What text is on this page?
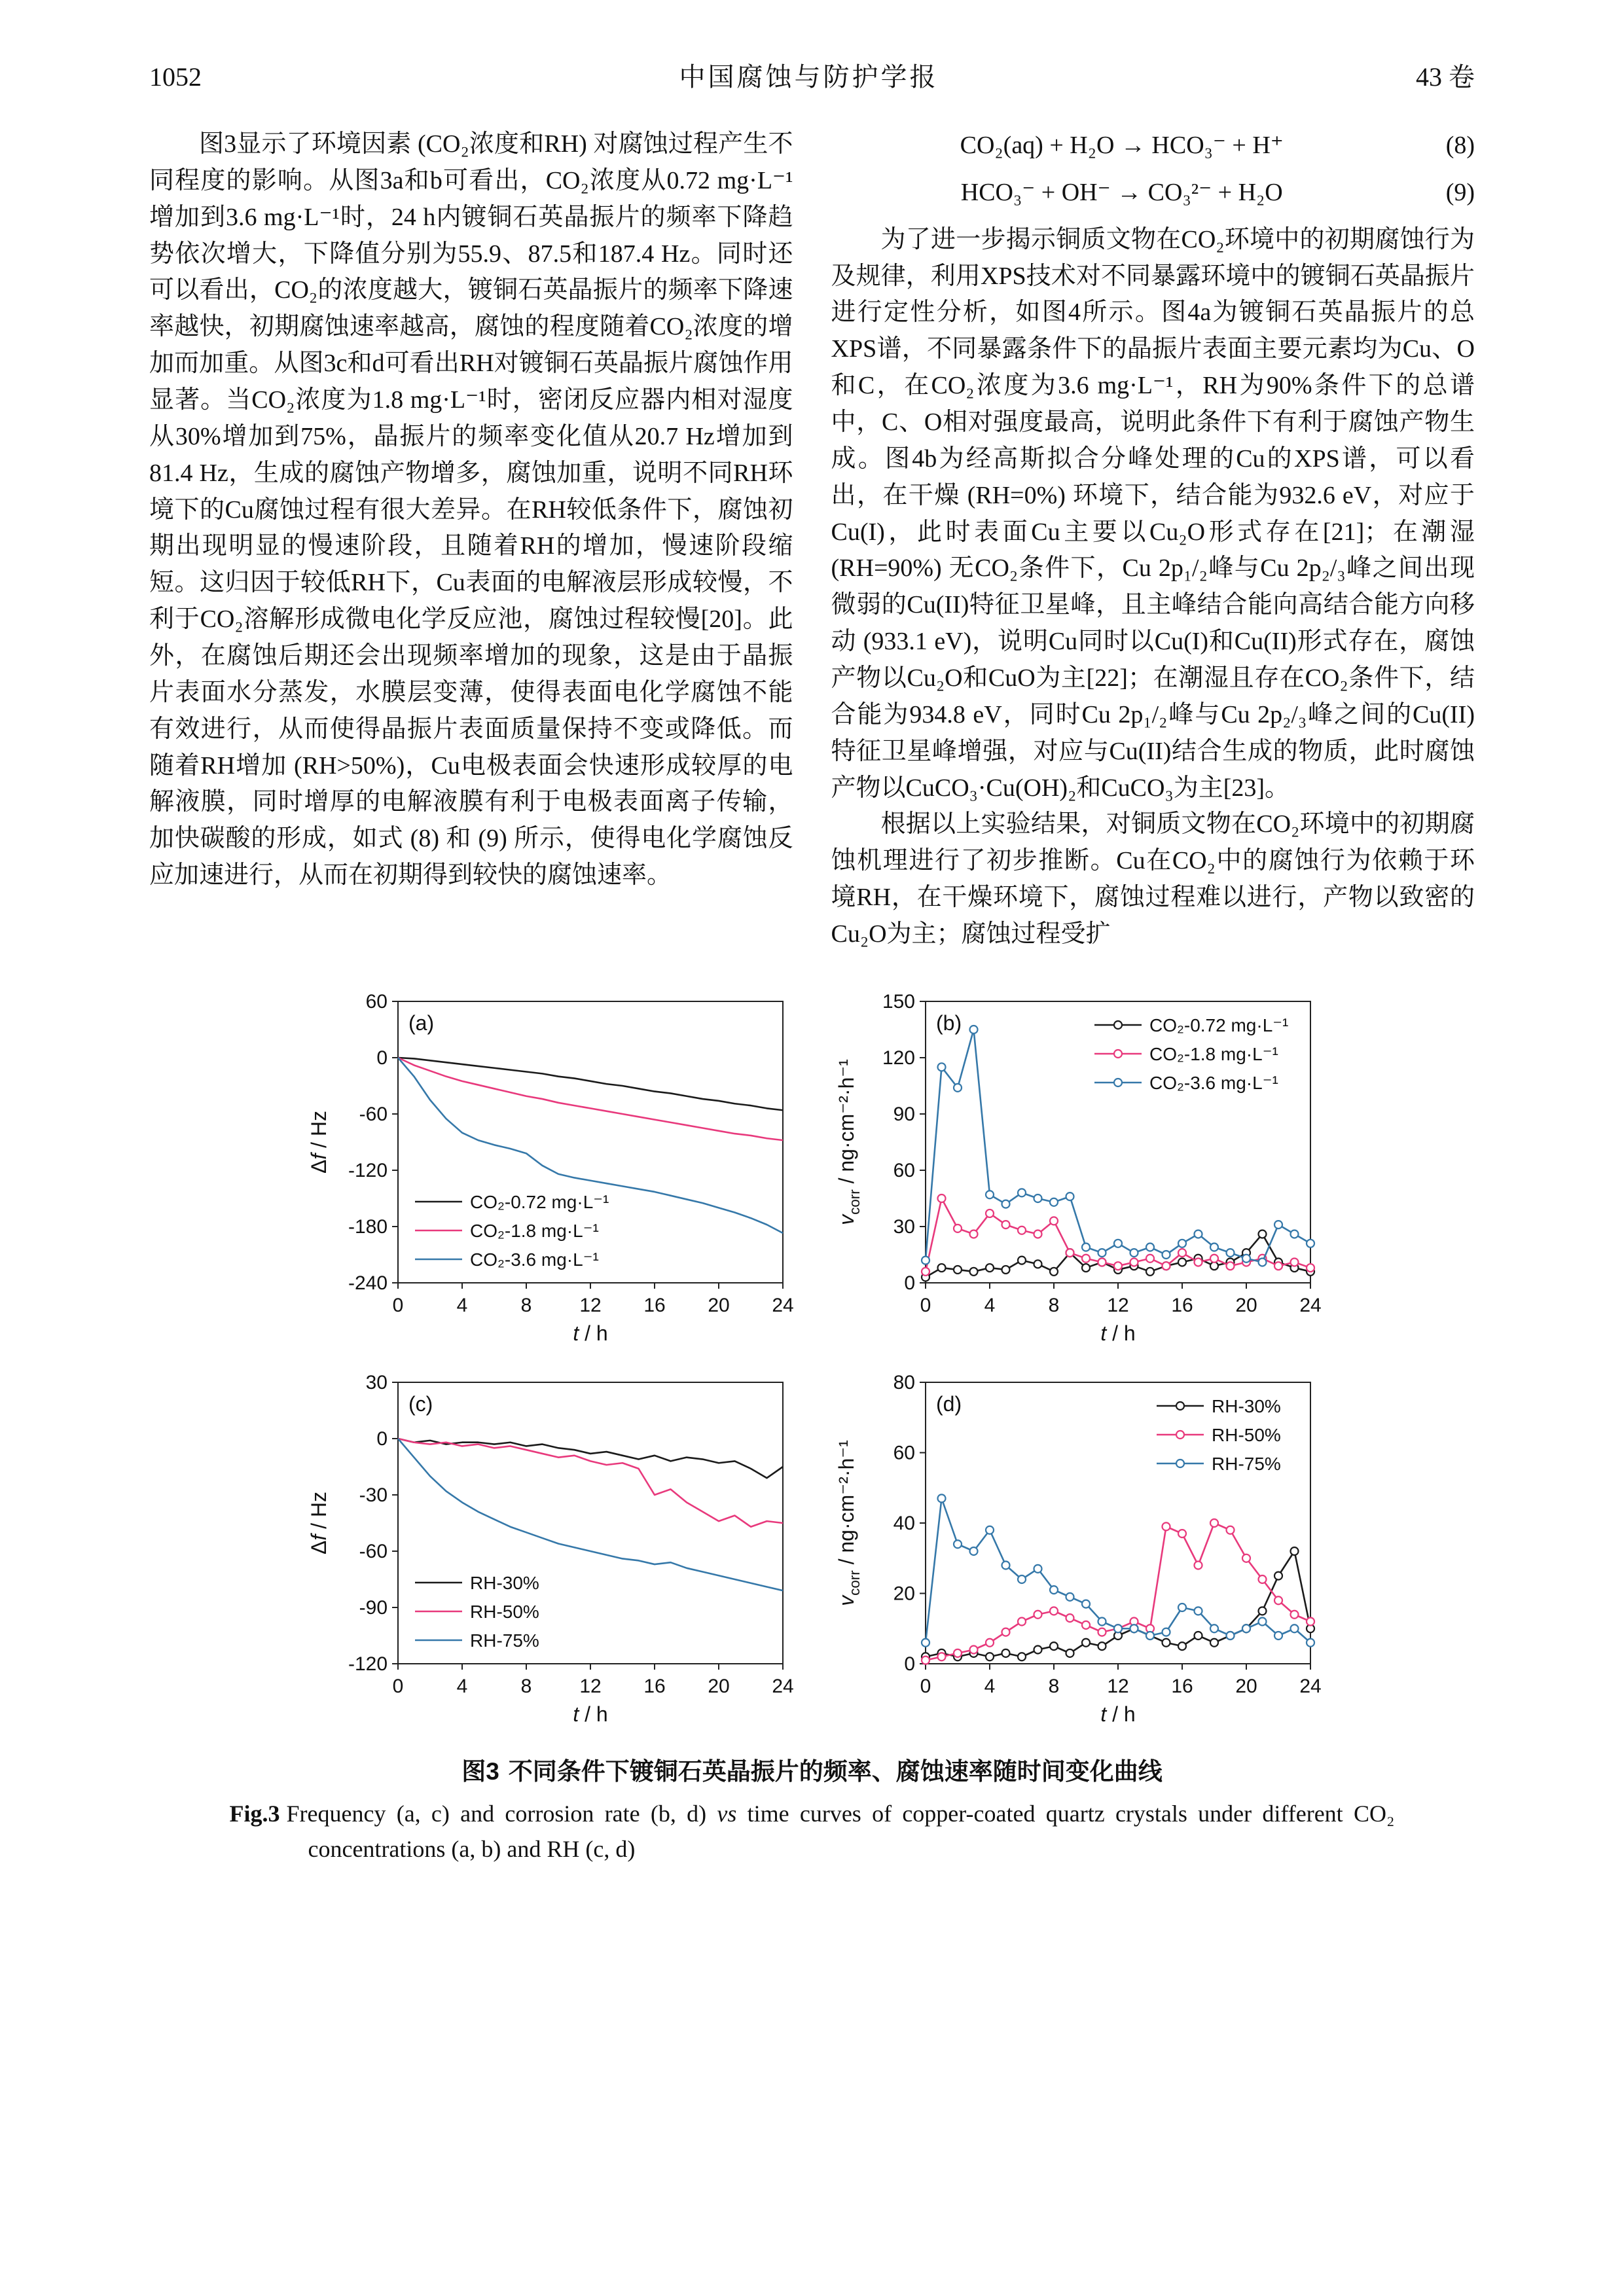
1052	中国腐蚀与防护学报	43 卷

图3显示了环境因素 (CO₂浓度和RH) 对腐蚀过程产生不同程度的影响。从图3a和b可看出，CO₂浓度从0.72 mg·L⁻¹增加到3.6 mg·L⁻¹时，24 h内镀铜石英晶振片的频率下降趋势依次增大，下降值分别为55.9、87.5和187.4 Hz。同时还可以看出，CO₂的浓度越大，镀铜石英晶振片的频率下降速率越快，初期腐蚀速率越高，腐蚀的程度随着CO₂浓度的增加而加重。从图3c和d可看出RH对镀铜石英晶振片腐蚀作用显著。当CO₂浓度为1.8 mg·L⁻¹时，密闭反应器内相对湿度从30%增加到75%，晶振片的频率变化值从20.7 Hz增加到81.4 Hz，生成的腐蚀产物增多，腐蚀加重，说明不同RH环境下的Cu腐蚀过程有很大差异。在RH较低条件下，腐蚀初期出现明显的慢速阶段，且随着RH的增加，慢速阶段缩短。这归因于较低RH下，Cu表面的电解液层形成较慢，不利于CO₂溶解形成微电化学反应池，腐蚀过程较慢[20]。此外，在腐蚀后期还会出现频率增加的现象，这是由于晶振片表面水分蒸发，水膜层变薄，使得表面电化学腐蚀不能有效进行，从而使得晶振片表面质量保持不变或降低。而随着RH增加 (RH>50%)，Cu电极表面会快速形成较厚的电解液膜，同时增厚的电解液膜有利于电极表面离子传输，加快碳酸的形成，如式 (8) 和 (9) 所示，使得电化学腐蚀反应加速进行，从而在初期得到较快的腐蚀速率。

CO₂(aq) + H₂O → HCO₃⁻ + H⁺	(8)
HCO₃⁻ + OH⁻ → CO₃²⁻ + H₂O	(9)

为了进一步揭示铜质文物在CO₂环境中的初期腐蚀行为及规律，利用XPS技术对不同暴露环境中的镀铜石英晶振片进行定性分析，如图4所示。图4a为镀铜石英晶振片的总XPS谱，不同暴露条件下的晶振片表面主要元素均为Cu、O和C，在CO₂浓度为3.6 mg·L⁻¹，RH为90%条件下的总谱中，C、O相对强度最高，说明此条件下有利于腐蚀产物生成。图4b为经高斯拟合分峰处理的Cu的XPS谱，可以看出，在干燥 (RH=0%) 环境下，结合能为932.6 eV，对应于Cu(I)，此时表面Cu主要以Cu₂O形式存在[21]；在潮湿 (RH=90%) 无CO₂条件下，Cu 2p₁/₂峰与Cu 2p₂/₃峰之间出现微弱的Cu(II)特征卫星峰，且主峰结合能向高结合能方向移动 (933.1 eV)，说明Cu同时以Cu(I)和Cu(II)形式存在，腐蚀产物以Cu₂O和CuO为主[22]；在潮湿且存在CO₂条件下，结合能为934.8 eV，同时Cu 2p₁/₂峰与Cu 2p₂/₃峰之间的Cu(II)特征卫星峰增强，对应与Cu(II)结合生成的物质，此时腐蚀产物以CuCO₃·Cu(OH)₂和CuCO₃为主[23]。

根据以上实验结果，对铜质文物在CO₂环境中的初期腐蚀机理进行了初步推断。Cu在CO₂中的腐蚀行为依赖于环境RH，在干燥环境下，腐蚀过程难以进行，产物以致密的Cu₂O为主；腐蚀过程受扩

0	4	8 12 16 20 24
60
0
-60
-120
-180
-240
(a)
t / h
Δf / Hz
CO₂-0.72 mg·L⁻¹
CO₂-1.8 mg·L⁻¹
CO₂-3.6 mg·L⁻¹
0	4	8 12 16 20 24
0
30
60
90
120
150
(b)
t / h
$v_{corr} / ng\cdot cm^{-2}\cdot h^{-1}$
CO₂-0.72 mg·L⁻¹
CO₂-1.8 mg·L⁻¹
CO₂-3.6 mg·L⁻¹
0	4	8 12 16 20 24
30
0
-30
-60
-90
-120
(c)
t / h
Δf / Hz
RH-30%
RH-50%
RH-75%
0	4	8 12 16 20 24
0
20
40
60
80
(d)
t / h
$v_{corr} / ng\cdot cm^{-2}\cdot h^{-1}$
RH-30%
RH-50%
RH-75%
图3 不同条件下镀铜石英晶振片的频率、腐蚀速率随时间变化曲线
Fig.3 Frequency (a, c) and corrosion rate (b, d) vs time curves of copper-coated quartz crystals under different CO₂ concentrations (a, b) and RH (c, d)
